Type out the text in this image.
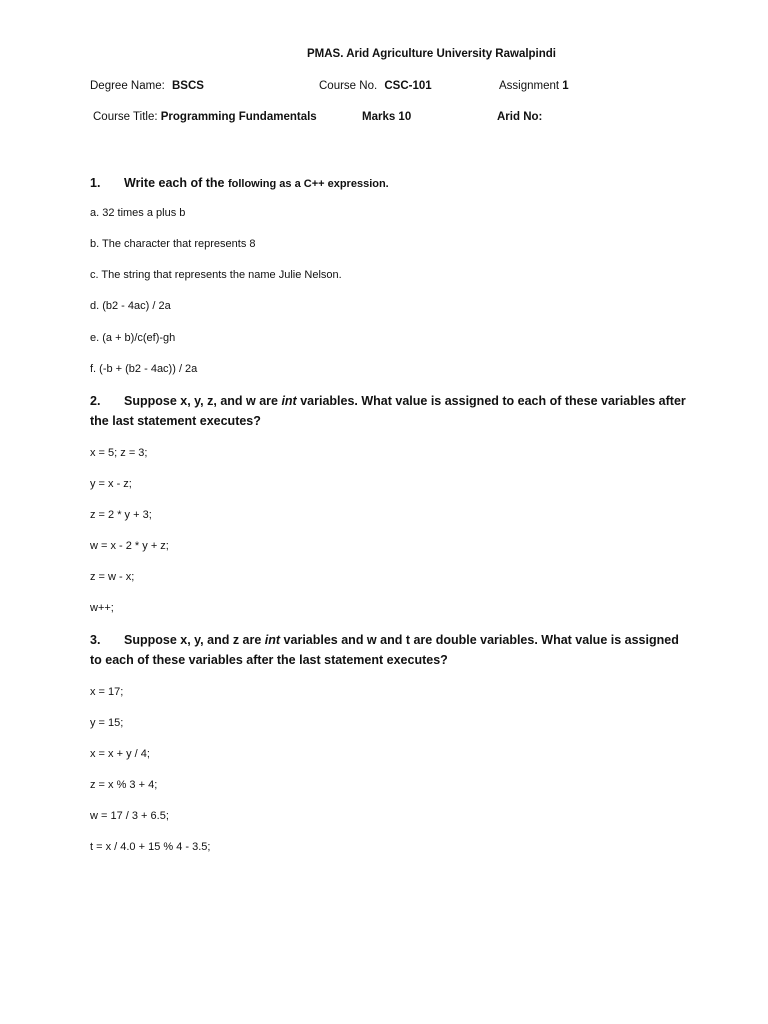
PMAS. Arid Agriculture University Rawalpindi
Degree Name: BSCS	Course No. CSC-101	Assignment 1
Course Title: Programming Fundamentals	Marks 10	Arid No:
1. Write each of the following as a C++ expression.
a. 32 times a plus b
b. The character that represents 8
c. The string that represents the name Julie Nelson.
d. (b2 - 4ac) / 2a
e. (a + b)/c(ef)-gh
f. (-b + (b2 - 4ac)) / 2a
2. Suppose x, y, z, and w are int variables. What value is assigned to each of these variables after the last statement executes?
x = 5; z = 3;
y = x - z;
z = 2 * y + 3;
w = x - 2 * y + z;
z = w - x;
w++;
3. Suppose x, y, and z are int variables and w and t are double variables. What value is assigned to each of these variables after the last statement executes?
x = 17;
y = 15;
x = x + y / 4;
z = x % 3 + 4;
w = 17 / 3 + 6.5;
t = x / 4.0 + 15 % 4 - 3.5;
